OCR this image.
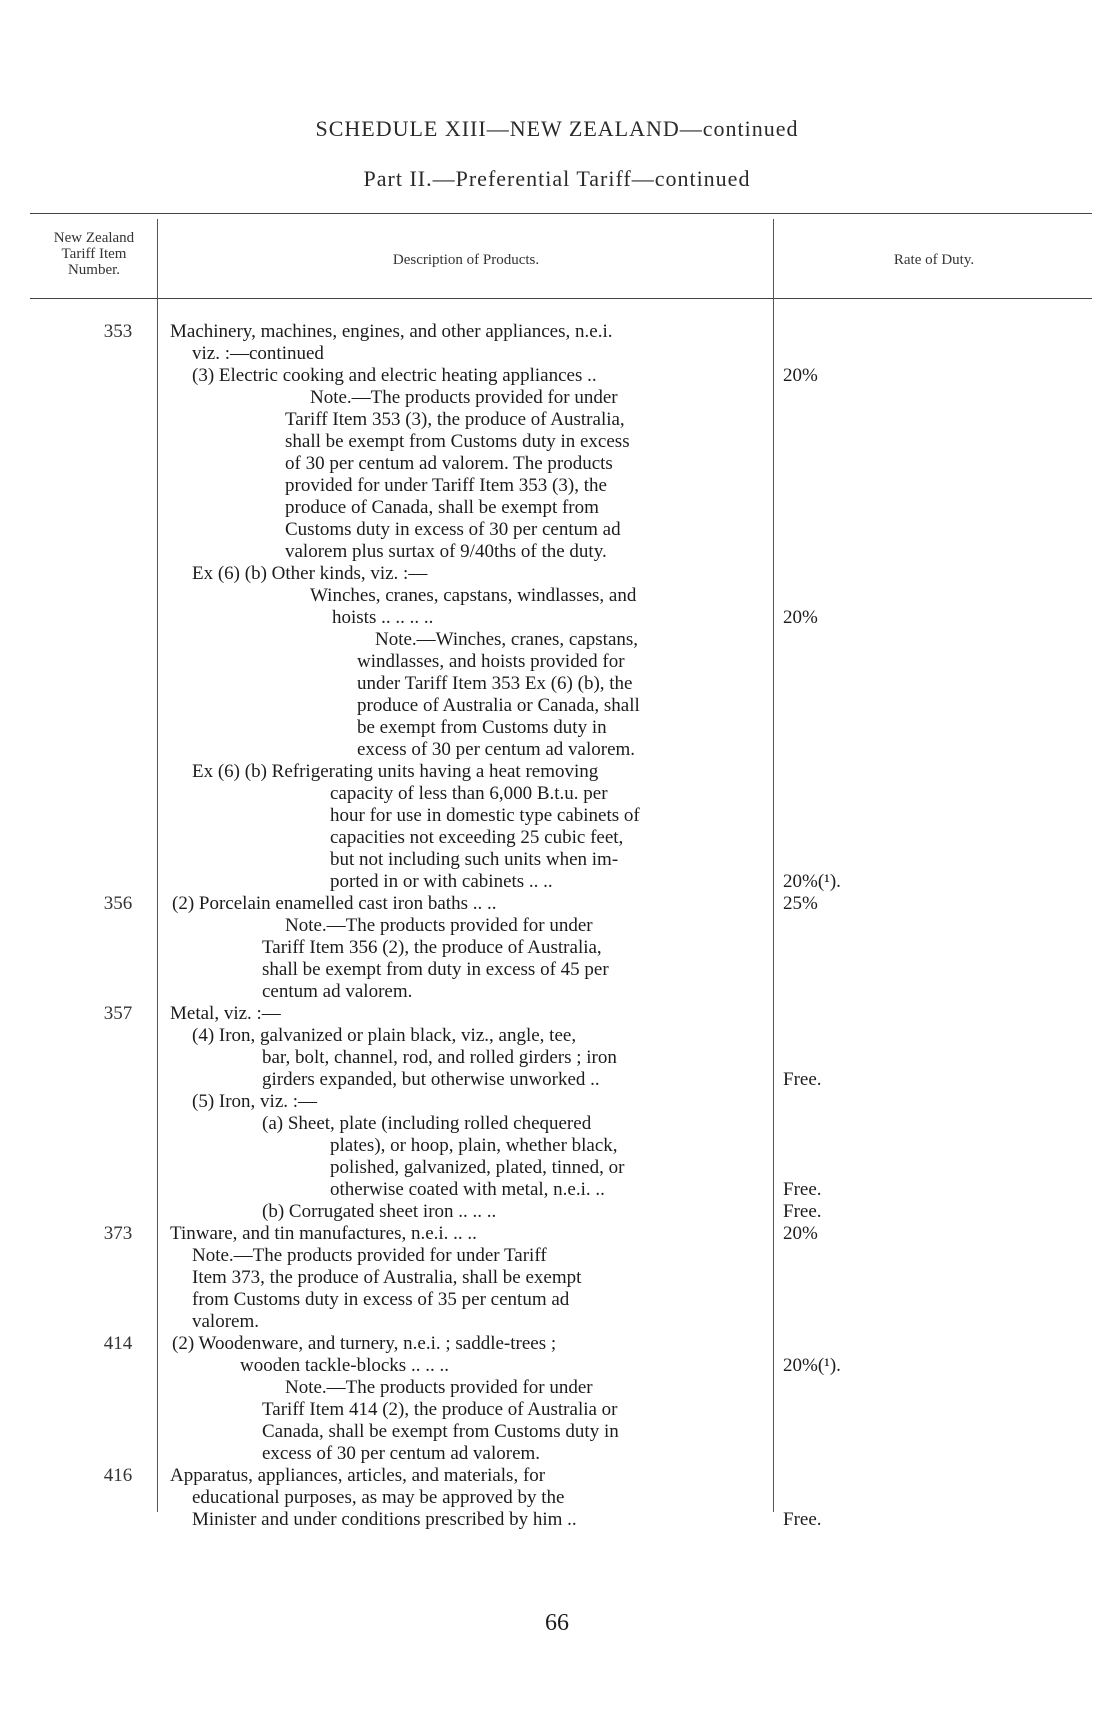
SCHEDULE XIII—NEW ZEALAND—continued
Part II.—Preferential Tariff—continued
New Zealand
Tariff Item
Number.
Description of Products.	Rate of Duty.
353
356
357
373
414
416
Machinery, machines, engines, and other appliances, n.e.i.
viz. :—continued
(3) Electric cooking and electric heating appliances ..
Note.—The products provided for under
Tariff Item 353 (3), the produce of Australia,
shall be exempt from Customs duty in excess
of 30 per centum ad valorem. The products
provided for under Tariff Item 353 (3), the
produce of Canada, shall be exempt from
Customs duty in excess of 30 per centum ad
valorem plus surtax of 9/40ths of the duty.
Ex (6) (b) Other kinds, viz. :—
Winches, cranes, capstans, windlasses, and
hoists .. .. .. ..
Note.—Winches, cranes, capstans,
windlasses, and hoists provided for
under Tariff Item 353 Ex (6) (b), the
produce of Australia or Canada, shall
be exempt from Customs duty in
excess of 30 per centum ad valorem.
Ex (6) (b) Refrigerating units having a heat removing
capacity of less than 6,000 B.t.u. per
hour for use in domestic type cabinets of
capacities not exceeding 25 cubic feet,
but not including such units when im-
ported in or with cabinets .. ..
(2) Porcelain enamelled cast iron baths .. ..
Note.—The products provided for under
Tariff Item 356 (2), the produce of Australia,
shall be exempt from duty in excess of 45 per
centum ad valorem.
Metal, viz. :—
(4) Iron, galvanized or plain black, viz., angle, tee,
bar, bolt, channel, rod, and rolled girders ; iron
girders expanded, but otherwise unworked ..
(5) Iron, viz. :—
(a) Sheet, plate (including rolled chequered
plates), or hoop, plain, whether black,
polished, galvanized, plated, tinned, or
otherwise coated with metal, n.e.i. ..
(b) Corrugated sheet iron .. .. ..
Tinware, and tin manufactures, n.e.i. .. ..
Note.—The products provided for under Tariff
Item 373, the produce of Australia, shall be exempt
from Customs duty in excess of 35 per centum ad
valorem.
(2) Woodenware, and turnery, n.e.i. ; saddle-trees ;
wooden tackle-blocks .. .. ..
Note.—The products provided for under
Tariff Item 414 (2), the produce of Australia or
Canada, shall be exempt from Customs duty in
excess of 30 per centum ad valorem.
Apparatus, appliances, articles, and materials, for
educational purposes, as may be approved by the
Minister and under conditions prescribed by him ..
20%
20%
20%(¹).
25%
Free.
Free.
Free.
20%
20%(¹).
Free.
66
